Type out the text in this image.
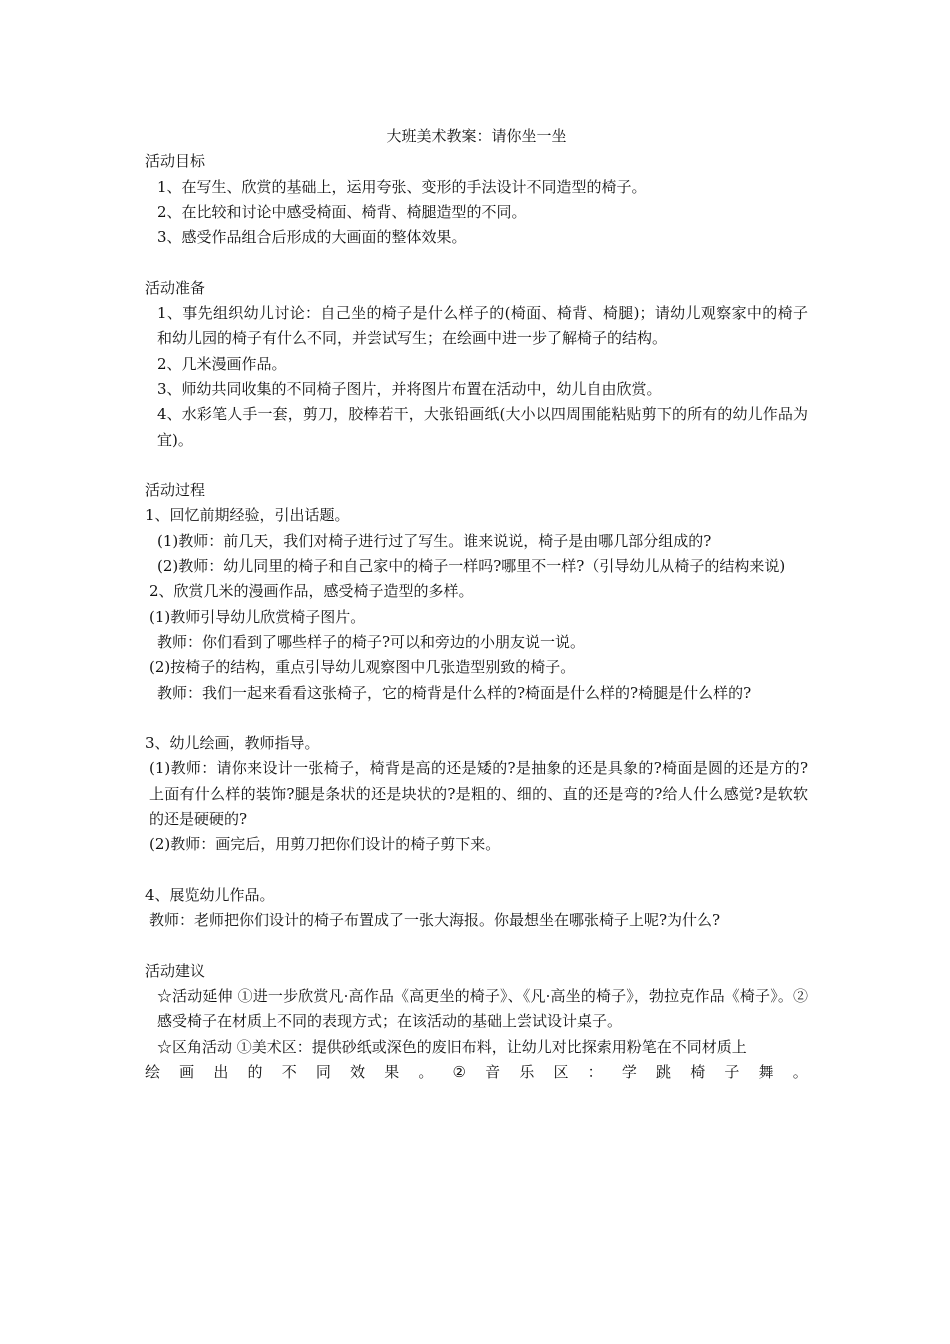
大班美术教案：请你坐一坐

活动目标

1、在写生、欣赏的基础上，运用夸张、变形的手法设计不同造型的椅子。

2、在比较和讨论中感受椅面、椅背、椅腿造型的不同。

3、感受作品组合后形成的大画面的整体效果。

活动准备

1、事先组织幼儿讨论：自己坐的椅子是什么样子的(椅面、椅背、椅腿)；请幼儿观察家中的椅子和幼儿园的椅子有什么不同，并尝试写生；在绘画中进一步了解椅子的结构。

2、几米漫画作品。

3、师幼共同收集的不同椅子图片，并将图片布置在活动中，幼儿自由欣赏。

4、水彩笔人手一套，剪刀，胶棒若干，大张铅画纸(大小以四周围能粘贴剪下的所有的幼儿作品为宜)。

活动过程

1、回忆前期经验，引出话题。

(1)教师：前几天，我们对椅子进行过了写生。谁来说说，椅子是由哪几部分组成的?

(2)教师：幼儿同里的椅子和自己家中的椅子一样吗?哪里不一样?（引导幼儿从椅子的结构来说)

2、欣赏几米的漫画作品，感受椅子造型的多样。

(1)教师引导幼儿欣赏椅子图片。

教师：你们看到了哪些样子的椅子?可以和旁边的小朋友说一说。

(2)按椅子的结构，重点引导幼儿观察图中几张造型别致的椅子。

教师：我们一起来看看这张椅子，它的椅背是什么样的?椅面是什么样的?椅腿是什么样的?

3、幼儿绘画，教师指导。

(1)教师：请你来设计一张椅子，椅背是高的还是矮的?是抽象的还是具象的?椅面是圆的还是方的?上面有什么样的装饰?腿是条状的还是块状的?是粗的、细的、直的还是弯的?给人什么感觉?是软软的还是硬硬的?

(2)教师：画完后，用剪刀把你们设计的椅子剪下来。

4、展览幼儿作品。

教师：老师把你们设计的椅子布置成了一张大海报。你最想坐在哪张椅子上呢?为什么?

活动建议

☆活动延伸 ①进一步欣赏凡·高作品《高更坐的椅子》、《凡·高坐的椅子》，勃拉克作品《椅子》。②感受椅子在材质上不同的表现方式；在该活动的基础上尝试设计桌子。

☆区角活动 ①美术区：提供砂纸或深色的废旧布料，让幼儿对比探索用粉笔在不同材质上

绘 画 出 的 不 同 效 果 。 ② 音 乐 区 ： 学 跳 椅 子 舞 。
